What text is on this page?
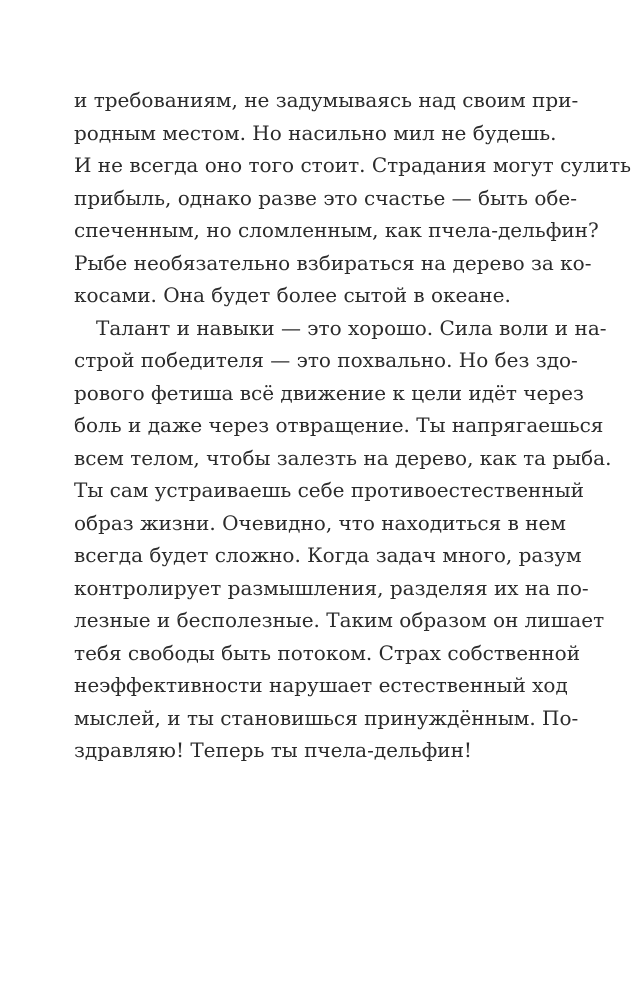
и требованиям, не задумываясь над своим при-
родным местом. Но насильно мил не будешь.
И не всегда оно того стоит. Страдания могут сулить
прибыль, однако разве это счастье — быть обе-
спеченным, но сломленным, как пчела-дельфин?
Рыбе необязательно взбираться на дерево за ко-
косами. Она будет более сытой в океане.
Талант и навыки — это хорошо. Сила воли и на-
строй победителя — это похвально. Но без здо-
рового фетиша всё движение к цели идёт через
боль и даже через отвращение. Ты напрягаешься
всем телом, чтобы залезть на дерево, как та рыба.
Ты сам устраиваешь себе противоестественный
образ жизни. Очевидно, что находиться в нем
всегда будет сложно. Когда задач много, разум
контролирует размышления, разделяя их на по-
лезные и бесполезные. Таким образом он лишает
тебя свободы быть потоком. Страх собственной
неэффективности нарушает естественный ход
мыслей, и ты становишься принуждённым. По-
здравляю! Теперь ты пчела-дельфин!
